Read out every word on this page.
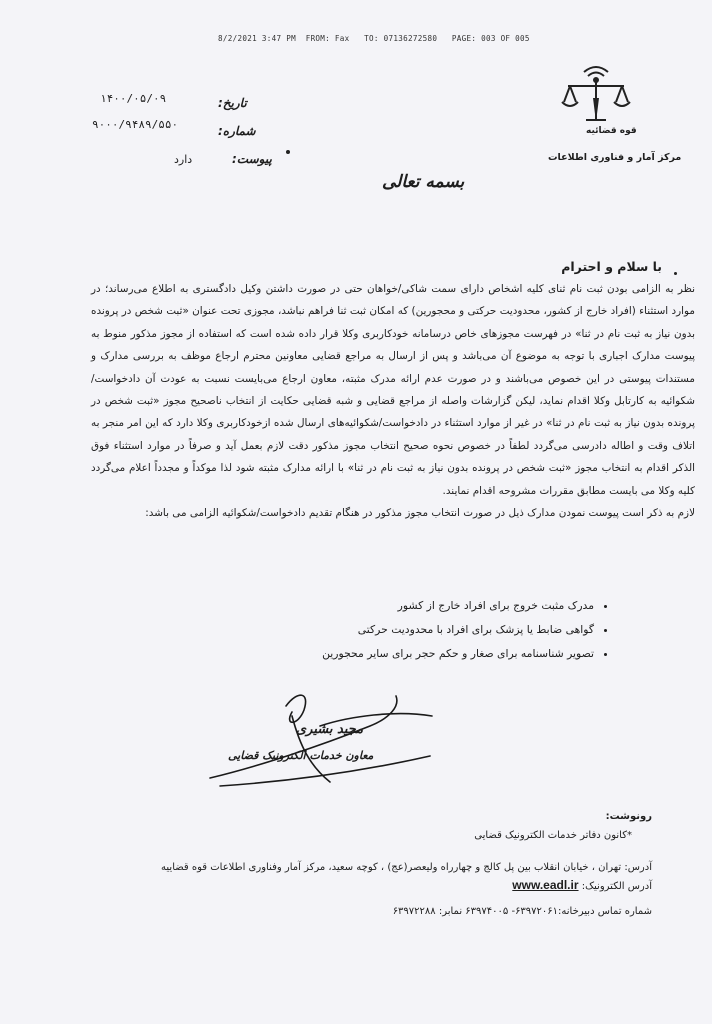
8/2/2021 3:47 PM  FROM: Fax   TO: 07136272580   PAGE: 003 OF 005
قوه قضائیه
مرکز آمار و فناوری اطلاعات
تاریخ:
۱۴۰۰/۰۵/۰۹
شماره:
۹۰۰۰/۹۴۸۹/۵۵۰
پیوست:
دارد
بسمه تعالی
با سلام و احترام

نظر به الزامی بودن ثبت نام ثنای کلیه اشخاص دارای سمت شاکی/خواهان حتی در صورت داشتن وکیل دادگستری به اطلاع می‌رساند؛ در موارد استثناء (افراد خارج از کشور، محدودیت حرکتی و محجورین) که امکان ثبت ثنا فراهم نباشد، مجوزی تحت عنوان «ثبت شخص در پرونده بدون نیاز به ثبت نام در ثنا» در فهرست مجوزهای خاص درسامانه خودکاربری وکلا قرار داده شده است که استفاده از مجوز مذکور منوط به پیوست مدارک اجباری با توجه به موضوع آن می‌باشد و پس از ارسال به مراجع قضایی معاونین محترم ارجاع موظف به بررسی مدارک و مستندات پیوستی در این خصوص می‌باشند و در صورت عدم ارائه مدرک مثبته، معاون ارجاع می‌بایست نسبت به عودت آن دادخواست/شکوائیه به کارتابل وکلا اقدام نماید، لیکن گزارشات واصله از مراجع قضایی و شبه قضایی حکایت از انتخاب ناصحیح مجوز «ثبت شخص در پرونده بدون نیاز به ثبت نام در ثنا» در غیر از موارد استثناء در دادخواست/شکوائیه‌های ارسال شده ازخودکاربری وکلا دارد که این امر منجر به اتلاف وقت و اطاله دادرسی می‌گردد لطفاً در خصوص نحوه صحیح انتخاب مجوز مذکور دقت لازم بعمل آید و صرفاً در موارد استثناء فوق الذکر اقدام به انتخاب مجوز «ثبت شخص در پرونده بدون نیاز به ثبت نام در ثنا» با ارائه مدارک مثبته شود لذا موکداً و مجدداً اعلام می‌گردد کلیه وکلا می بایست مطابق مقررات مشروحه اقدام نمایند.

لازم به ذکر است پیوست نمودن مدارک ذیل در صورت انتخاب مجوز مذکور در هنگام تقدیم دادخواست/شکوائیه الزامی می باشد:

• مدرک مثبت خروج برای افراد خارج از کشور
• گواهی ضابط یا پزشک برای افراد با محدودیت حرکتی
• تصویر شناسنامه برای صغار و حکم حجر برای سایر محجورین
مجید بشیری
معاون خدمات الکترونیک قضایی
رونوشت:
*کانون دفاتر خدمات الکترونیک قضایی
آدرس: تهران ، خیابان انقلاب بین پل کالج و چهارراه ولیعصر(عج) ، کوچه سعید، مرکز آمار وفناوری اطلاعات قوه قضاییه
آدرس الکترونیک: www.eadl.ir
شماره تماس دبیرخانه:۶۳۹۷۲۰۶۱- ۶۳۹۷۴۰۰۵ نمابر: ۶۳۹۷۲۲۸۸
